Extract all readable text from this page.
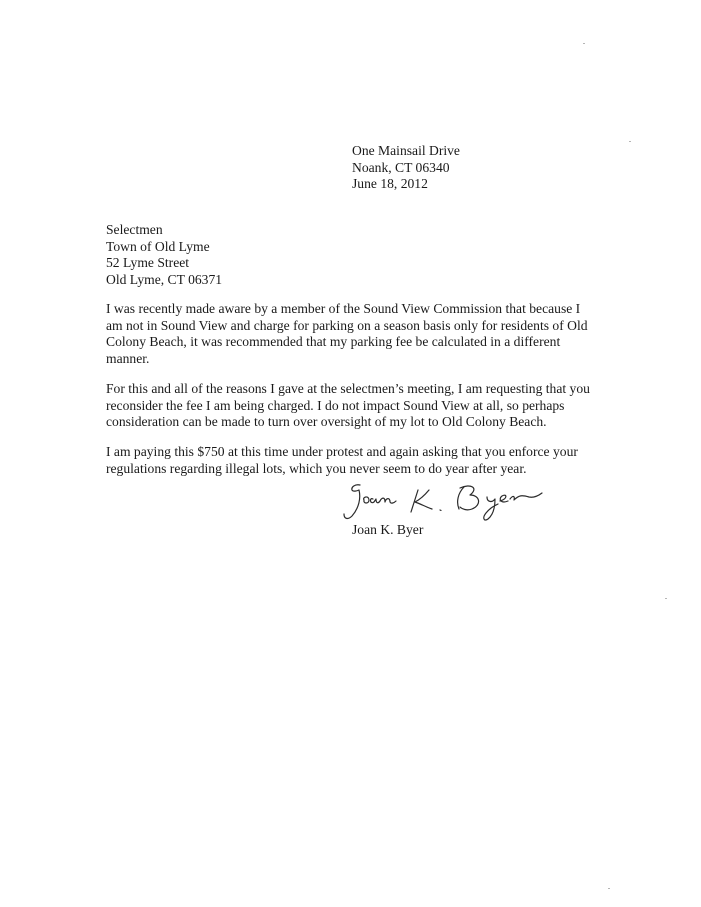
One Mainsail Drive
Noank, CT 06340
June 18, 2012
Selectmen
Town of Old Lyme
52 Lyme Street
Old Lyme, CT 06371
I was recently made aware by a member of the Sound View Commission that because I
am not in Sound View and charge for parking on a season basis only for residents of Old
Colony Beach, it was recommended that my parking fee be calculated in a different
manner.
For this and all of the reasons I gave at the selectmen’s meeting, I am requesting that you
reconsider the fee I am being charged. I do not impact Sound View at all, so perhaps
consideration can be made to turn over oversight of my lot to Old Colony Beach.
I am paying this $750 at this time under protest and again asking that you enforce your
regulations regarding illegal lots, which you never seem to do year after year.
Joan K. Byer
